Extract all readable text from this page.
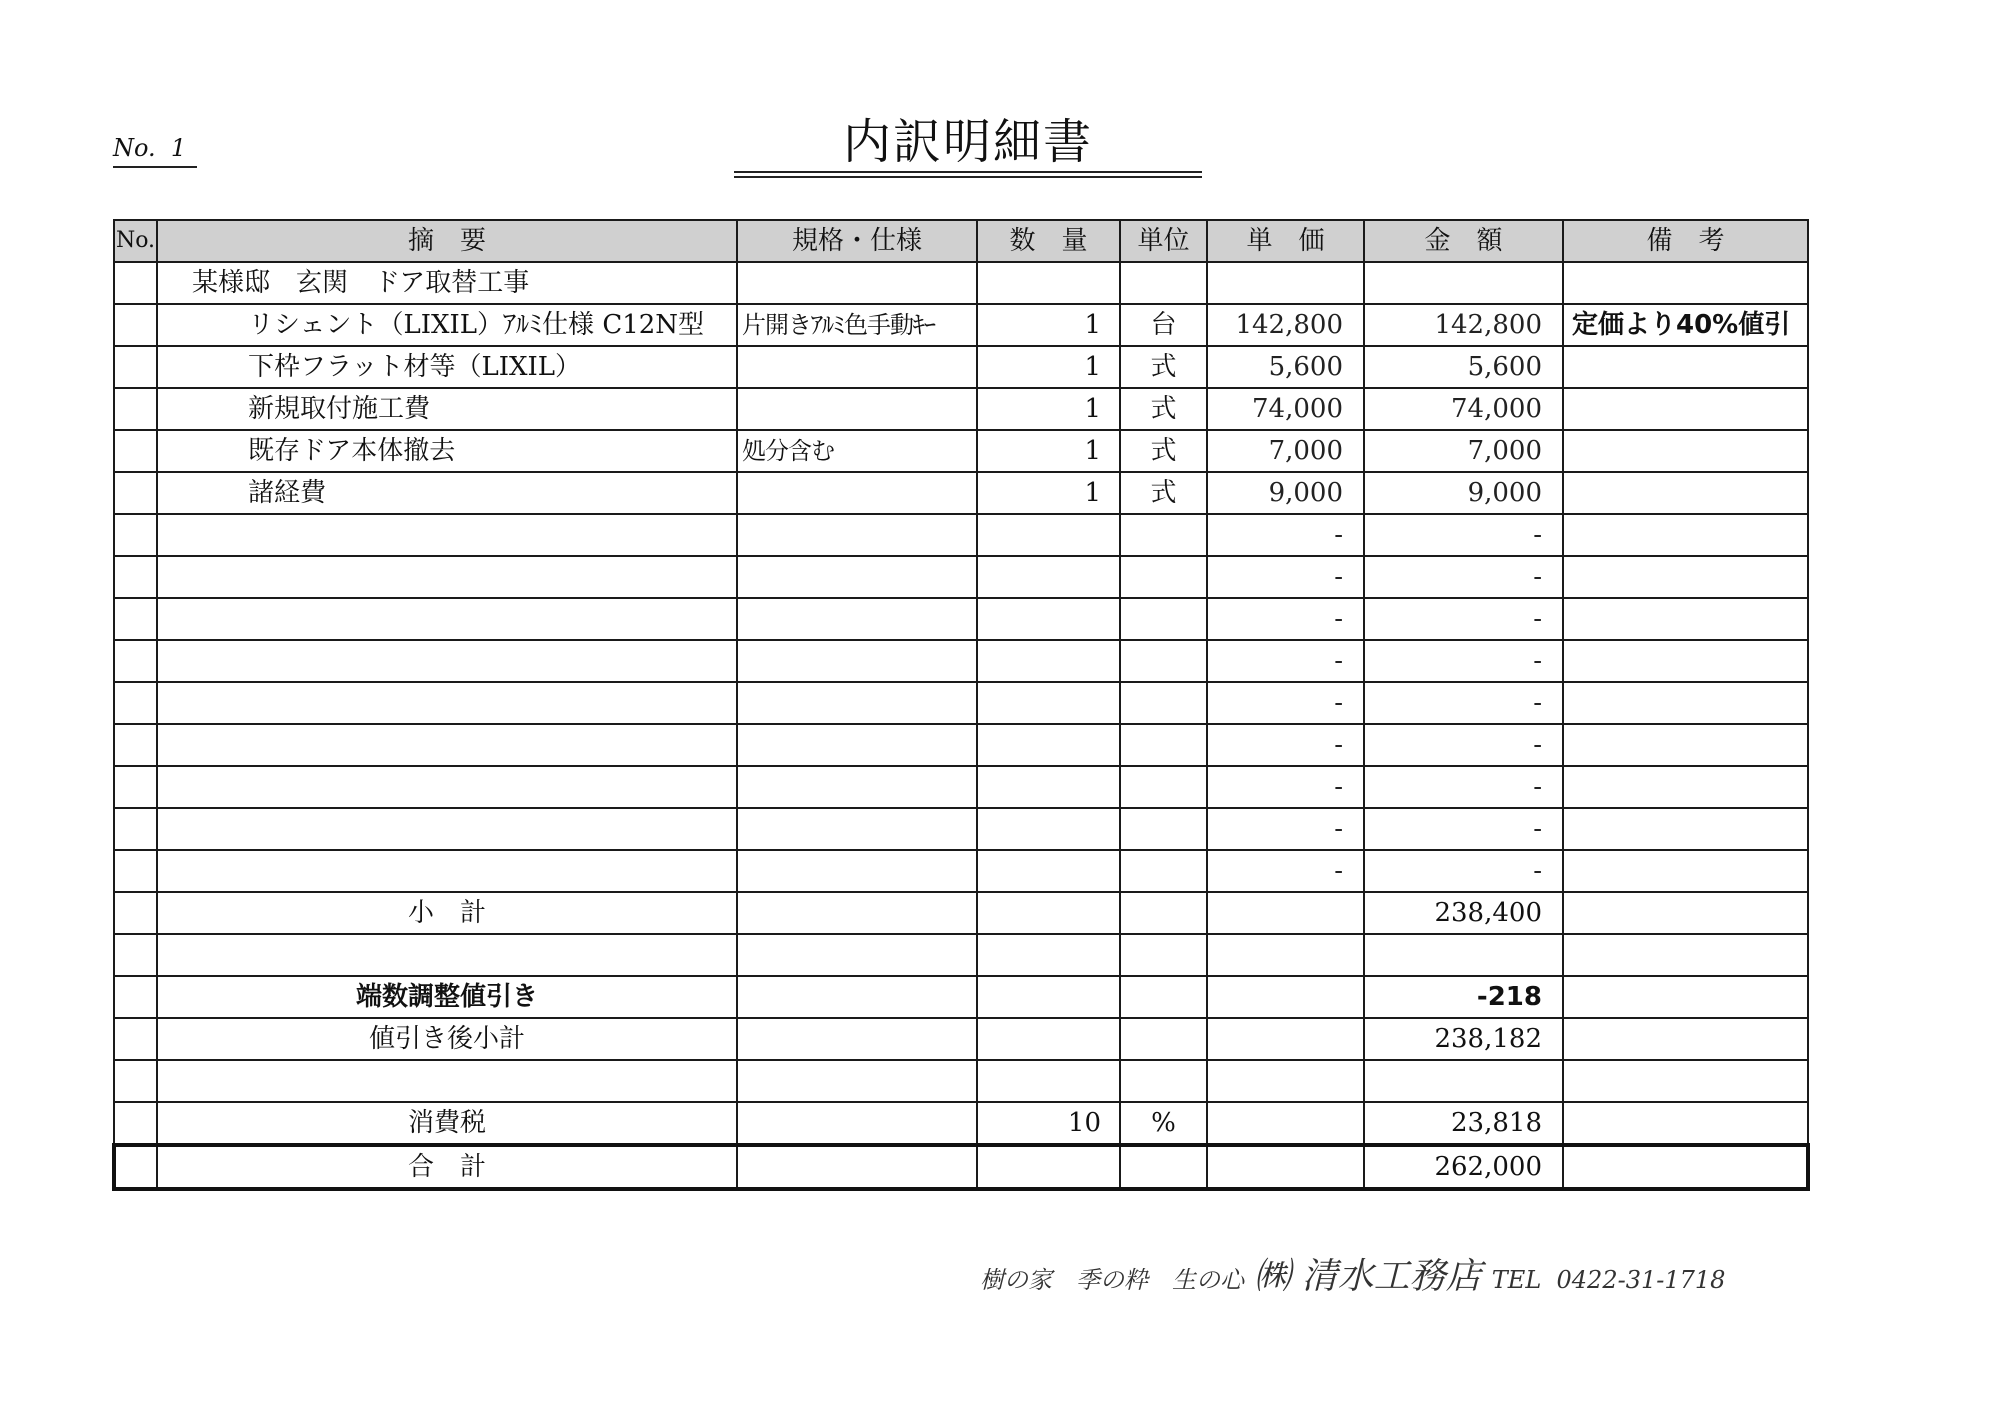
No.  1	内訳明細書
No.	摘　要	規格・仕様	数　量	単位	単　価	金　額	備　考
	某様邸　玄関　ドア取替工事						
	リシェント（LIXIL）ｱﾙﾐ仕様 C12N型	片開きｱﾙﾐ色手動ｷｰ	1	台	142,800	142,800	定価より40%値引
	下枠フラット材等（LIXIL）		1	式	5,600	5,600	
	新規取付施工費		1	式	74,000	74,000	
	既存ドア本体撤去	処分含む	1	式	7,000	7,000	
	諸経費		1	式	9,000	9,000	
					-	-	
					-	-	
					-	-	
					-	-	
					-	-	
					-	-	
					-	-	
					-	-	
					-	-	
	小　計					238,400	

	端数調整値引き					-218	
	値引き後小計					238,182	

	消費税		10	%		23,818	
	合　計					262,000	
樹の家　季の粋　生の心 ㈱ 清水工務店 TEL  0422-31-1718
